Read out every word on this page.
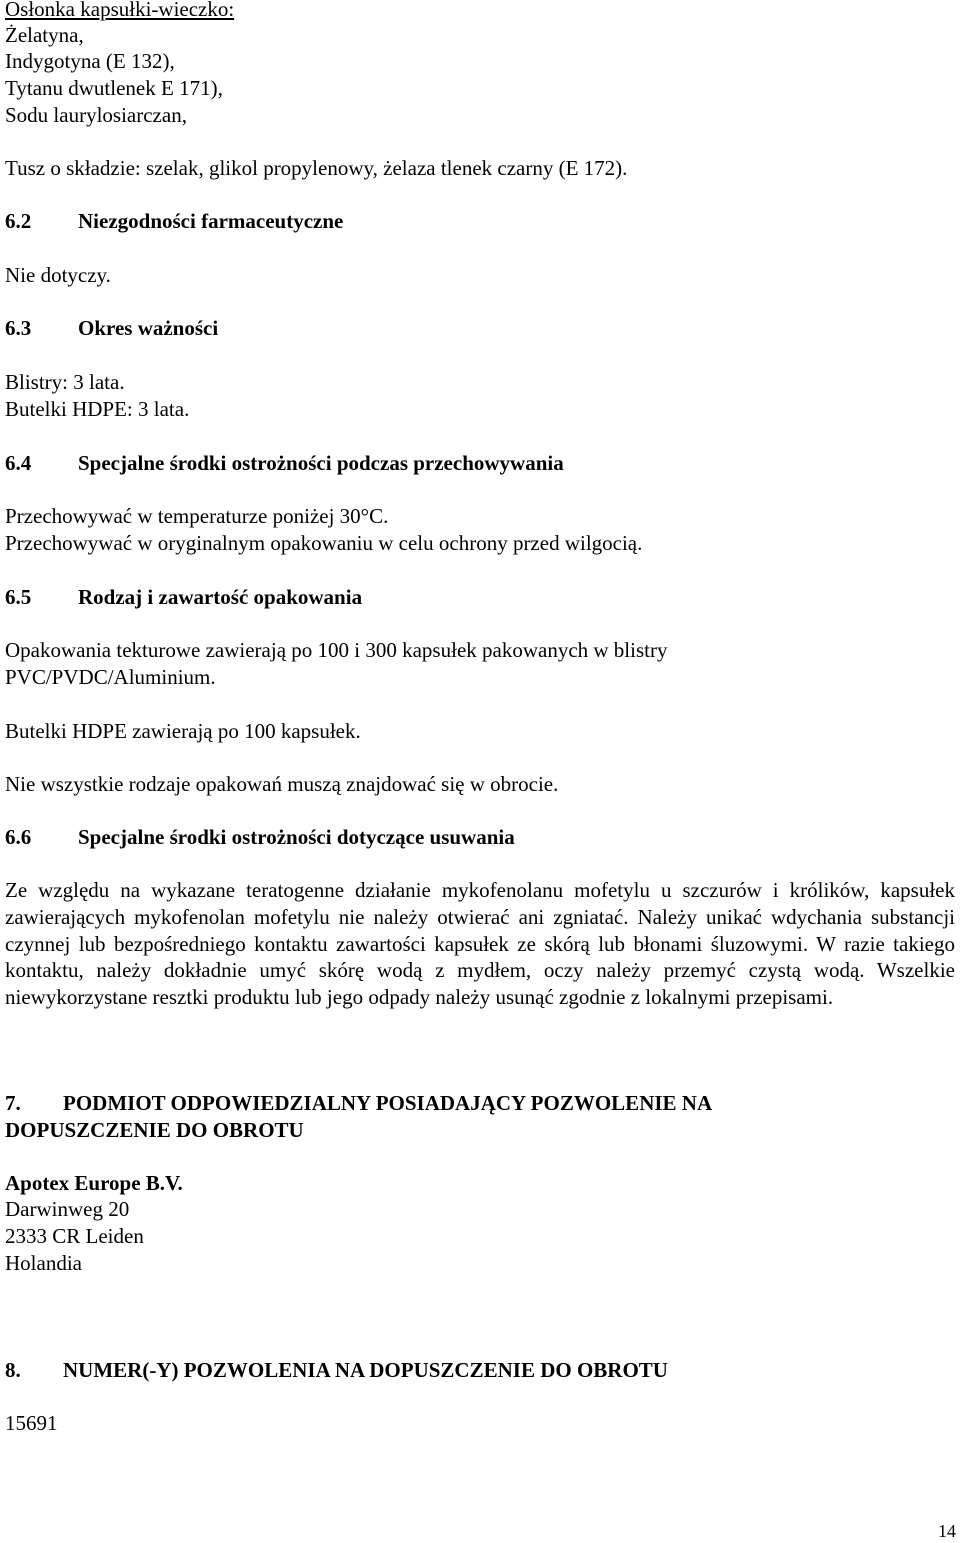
Osłonka kapsułki-wieczko:
Żelatyna,
Indygotyna (E 132),
Tytanu dwutlenek E 171),
Sodu laurylosiarczan,
Tusz o składzie: szelak, glikol propylenowy, żelaza tlenek czarny (E 172).
6.2 Niezgodności farmaceutyczne
Nie dotyczy.
6.3 Okres ważności
Blistry: 3 lata.
Butelki HDPE: 3 lata.
6.4 Specjalne środki ostrożności podczas przechowywania
Przechowywać w temperaturze poniżej 30°C.
Przechowywać w oryginalnym opakowaniu w celu ochrony przed wilgocią.
6.5 Rodzaj i zawartość opakowania
Opakowania tekturowe zawierają po 100 i 300 kapsułek pakowanych w blistry
PVC/PVDC/Aluminium.
Butelki HDPE zawierają po 100 kapsułek.
Nie wszystkie rodzaje opakowań muszą znajdować się w obrocie.
6.6 Specjalne środki ostrożności dotyczące usuwania
Ze względu na wykazane teratogenne działanie mykofenolanu mofetylu u szczurów i królików, kapsułek zawierających mykofenolan mofetylu nie należy otwierać ani zgniatać. Należy unikać wdychania substancji czynnej lub bezpośredniego kontaktu zawartości kapsułek ze skórą lub błonami śluzowymi. W razie takiego kontaktu, należy dokładnie umyć skórę wodą z mydłem, oczy należy przemyć czystą wodą. Wszelkie niewykorzystane resztki produktu lub jego odpady należy usunąć zgodnie z lokalnymi przepisami.
7. PODMIOT ODPOWIEDZIALNY POSIADAJĄCY POZWOLENIE NA
DOPUSZCZENIE DO OBROTU
Apotex Europe B.V.
Darwinweg 20
2333 CR Leiden
Holandia
8. NUMER(-Y) POZWOLENIA NA DOPUSZCZENIE DO OBROTU
15691
14
